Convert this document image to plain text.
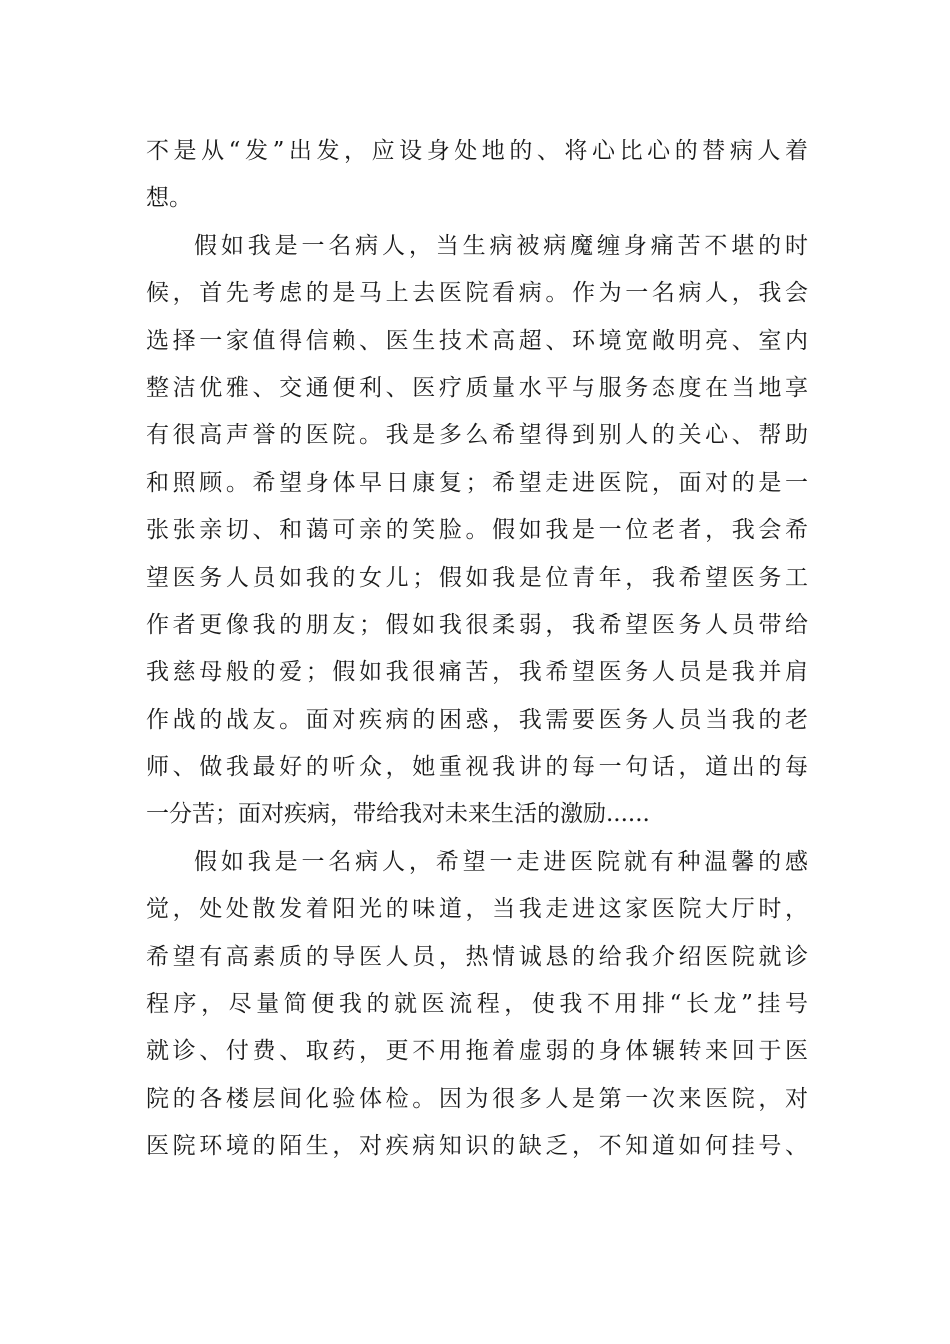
不是从“发”出发，应设身处地的、将心比心的替病人着
想。
假如我是一名病人，当生病被病魔缠身痛苦不堪的时
候，首先考虑的是马上去医院看病。作为一名病人，我会
选择一家值得信赖、医生技术高超、环境宽敞明亮、室内
整洁优雅、交通便利、医疗质量水平与服务态度在当地享
有很高声誉的医院。我是多么希望得到别人的关心、帮助
和照顾。希望身体早日康复；希望走进医院，面对的是一
张张亲切、和蔼可亲的笑脸。假如我是一位老者，我会希
望医务人员如我的女儿；假如我是位青年，我希望医务工
作者更像我的朋友；假如我很柔弱，我希望医务人员带给
我慈母般的爱；假如我很痛苦，我希望医务人员是我并肩
作战的战友。面对疾病的困惑，我需要医务人员当我的老
师、做我最好的听众，她重视我讲的每一句话，道出的每
一分苦；面对疾病，带给我对未来生活的激励......
假如我是一名病人，希望一走进医院就有种温馨的感
觉，处处散发着阳光的味道，当我走进这家医院大厅时，
希望有高素质的导医人员，热情诚恳的给我介绍医院就诊
程序，尽量简便我的就医流程，使我不用排“长龙”挂号
就诊、付费、取药，更不用拖着虚弱的身体辗转来回于医
院的各楼层间化验体检。因为很多人是第一次来医院，对
医院环境的陌生，对疾病知识的缺乏，不知道如何挂号、
